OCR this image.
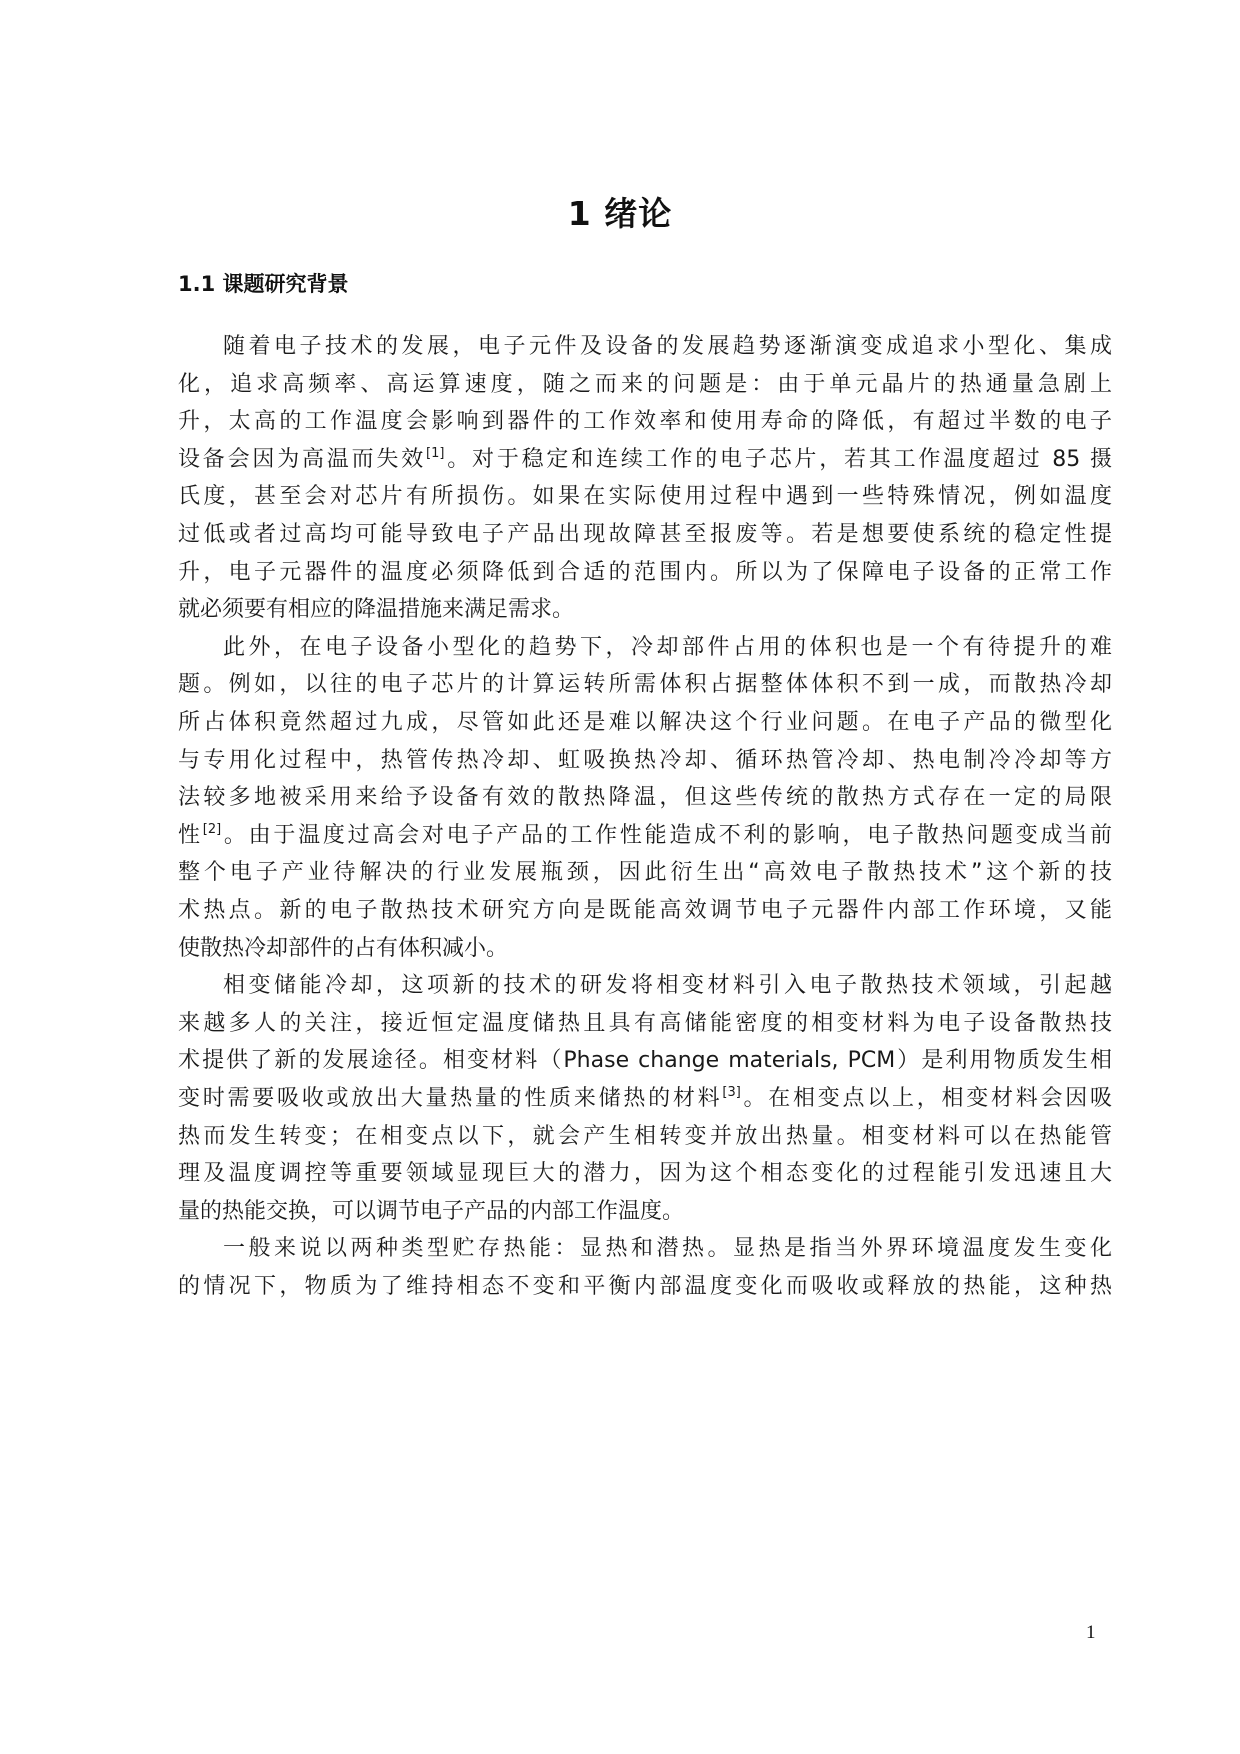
1 绪论
1.1 课题研究背景
随着电子技术的发展，电子元件及设备的发展趋势逐渐演变成追求小型化、集成
化，追求高频率、高运算速度，随之而来的问题是：由于单元晶片的热通量急剧上
升，太高的工作温度会影响到器件的工作效率和使用寿命的降低，有超过半数的电子
设备会因为高温而失效[1]。对于稳定和连续工作的电子芯片，若其工作温度超过 85 摄
氏度，甚至会对芯片有所损伤。如果在实际使用过程中遇到一些特殊情况，例如温度
过低或者过高均可能导致电子产品出现故障甚至报废等。若是想要使系统的稳定性提
升，电子元器件的温度必须降低到合适的范围内。所以为了保障电子设备的正常工作
就必须要有相应的降温措施来满足需求。
此外，在电子设备小型化的趋势下，冷却部件占用的体积也是一个有待提升的难
题。例如，以往的电子芯片的计算运转所需体积占据整体体积不到一成，而散热冷却
所占体积竟然超过九成，尽管如此还是难以解决这个行业问题。在电子产品的微型化
与专用化过程中，热管传热冷却、虹吸换热冷却、循环热管冷却、热电制冷冷却等方
法较多地被采用来给予设备有效的散热降温，但这些传统的散热方式存在一定的局限
性[2]。由于温度过高会对电子产品的工作性能造成不利的影响，电子散热问题变成当前
整个电子产业待解决的行业发展瓶颈，因此衍生出“高效电子散热技术”这个新的技
术热点。新的电子散热技术研究方向是既能高效调节电子元器件内部工作环境，又能
使散热冷却部件的占有体积减小。
相变储能冷却，这项新的技术的研发将相变材料引入电子散热技术领域，引起越
来越多人的关注，接近恒定温度储热且具有高储能密度的相变材料为电子设备散热技
术提供了新的发展途径。相变材料（Phase change materials, PCM）是利用物质发生相
变时需要吸收或放出大量热量的性质来储热的材料[3]。在相变点以上，相变材料会因吸
热而发生转变；在相变点以下，就会产生相转变并放出热量。相变材料可以在热能管
理及温度调控等重要领域显现巨大的潜力，因为这个相态变化的过程能引发迅速且大
量的热能交换，可以调节电子产品的内部工作温度。
一般来说以两种类型贮存热能：显热和潜热。显热是指当外界环境温度发生变化
的情况下，物质为了维持相态不变和平衡内部温度变化而吸收或释放的热能，这种热
1
